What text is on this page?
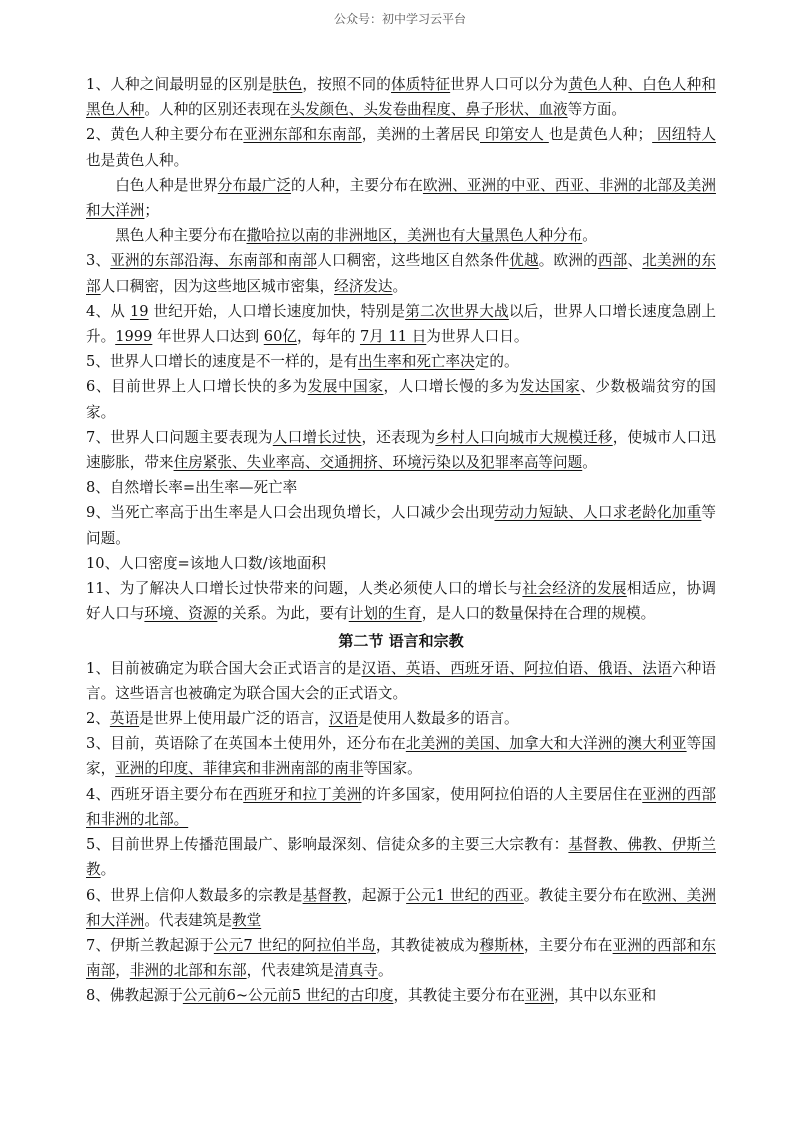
公众号：初中学习云平台

1、人种之间最明显的区别是肤色，按照不同的体质特征世界人口可以分为黄色人种、白色人种和黑色人种。人种的区别还表现在头发颜色、头发卷曲程度、鼻子形状、血液等方面。

2、黄色人种主要分布在亚洲东部和东南部，美洲的土著居民 印第安人 也是黄色人种； 因纽特人 也是黄色人种。

白色人种是世界分布最广泛的人种，主要分布在欧洲、亚洲的中亚、西亚、非洲的北部及美洲和大洋洲；

黑色人种主要分布在撒哈拉以南的非洲地区，美洲也有大量黑色人种分布。

3、亚洲的东部沿海、东南部和南部人口稠密，这些地区自然条件优越。欧洲的西部、北美洲的东部人口稠密，因为这些地区城市密集，经济发达。

4、从 19 世纪开始，人口增长速度加快，特别是第二次世界大战以后，世界人口增长速度急剧上升。1999 年世界人口达到 60亿，每年的 7月 11 日为世界人口日。

5、世界人口增长的速度是不一样的，是有出生率和死亡率决定的。

6、目前世界上人口增长快的多为发展中国家，人口增长慢的多为发达国家、少数极端贫穷的国家。

7、世界人口问题主要表现为人口增长过快，还表现为乡村人口向城市大规模迁移，使城市人口迅速膨胀，带来住房紧张、失业率高、交通拥挤、环境污染以及犯罪率高等问题。

8、自然增长率=出生率—死亡率

9、当死亡率高于出生率是人口会出现负增长，人口减少会出现劳动力短缺、人口求老龄化加重等问题。

10、人口密度=该地人口数/该地面积

11、为了解决人口增长过快带来的问题，人类必须使人口的增长与社会经济的发展相适应，协调好人口与环境、资源的关系。为此，要有计划的生育，是人口的数量保持在合理的规模。

第二节 语言和宗教

1、目前被确定为联合国大会正式语言的是汉语、英语、西班牙语、阿拉伯语、俄语、法语六种语言。这些语言也被确定为联合国大会的正式语文。

2、英语是世界上使用最广泛的语言，汉语是使用人数最多的语言。

3、目前，英语除了在英国本土使用外，还分布在北美洲的美国、加拿大和大洋洲的澳大利亚等国家，亚洲的印度、菲律宾和非洲南部的南非等国家。

4、西班牙语主要分布在西班牙和拉丁美洲的许多国家，使用阿拉伯语的人主要居住在亚洲的西部和非洲的北部。

5、目前世界上传播范围最广、影响最深刻、信徒众多的主要三大宗教有：基督教、佛教、伊斯兰教。

6、世界上信仰人数最多的宗教是基督教，起源于公元1 世纪的西亚。教徒主要分布在欧洲、美洲和大洋洲。代表建筑是教堂

7、伊斯兰教起源于公元7 世纪的阿拉伯半岛，其教徒被成为穆斯林，主要分布在亚洲的西部和东南部，非洲的北部和东部，代表建筑是清真寺。

8、佛教起源于公元前6~公元前5 世纪的古印度，其教徒主要分布在亚洲，其中以东亚和
